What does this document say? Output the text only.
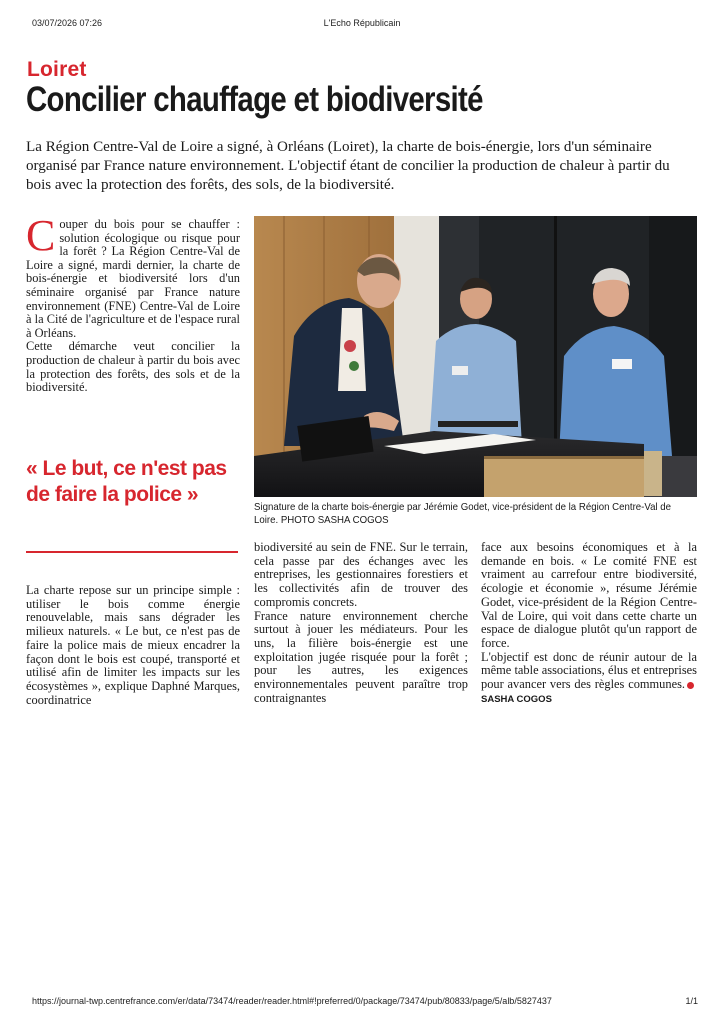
03/07/2026 07:26	L'Echo Républicain
Loiret
Concilier chauffage et biodiversité
La Région Centre-Val de Loire a signé, à Orléans (Loiret), la charte de bois-énergie, lors d'un séminaire organisé par France nature environnement. L'objectif étant de concilier la production de chaleur à partir du bois avec la protection des forêts, des sols, de la biodiversité.

Couper du bois pour se chauffer : solution écologique ou risque pour la forêt ? La Région Centre-Val de Loire a signé, mardi dernier, la charte de bois-énergie et biodiversité lors d'un séminaire organisé par France nature environnement (FNE) Centre-Val de Loire à la Cité de l'agriculture et de l'espace rural à Orléans.

Cette démarche veut concilier la production de chaleur à partir du bois avec la protection des forêts, des sols et de la biodiversité.

« Le but, ce n'est pas de faire la police »

La charte repose sur un principe simple : utiliser le bois comme énergie renouvelable, mais sans dégrader les milieux naturels. « Le but, ce n'est pas de faire la police mais de mieux encadrer la façon dont le bois est coupé, transporté et utilisé afin de limiter les impacts sur les écosystèmes », explique Daphné Marques, coordinatrice

Signature de la charte bois-énergie par Jérémie Godet, vice-président de la Région Centre-Val de Loire. PHOTO SASHA COGOS

biodiversité au sein de FNE. Sur le terrain, cela passe par des échanges avec les entreprises, les gestionnaires forestiers et les collectivités afin de trouver des compromis concrets.

France nature environnement cherche surtout à jouer les médiateurs. Pour les uns, la filière bois-énergie est une exploitation jugée risquée pour la forêt ; pour les autres, les exigences environnementales peuvent paraître trop contraignantes

face aux besoins économiques et à la demande en bois. « Le comité FNE est vraiment au carrefour entre biodiversité, écologie et économie », résume Jérémie Godet, vice-président de la Région Centre-Val de Loire, qui voit dans cette charte un espace de dialogue plutôt qu'un rapport de force.

L'objectif est donc de réunir autour de la même table associations, élus et entreprises pour avancer vers des règles communes.SASHA COGOS

https://journal-twp.centrefrance.com/er/data/73474/reader/reader.html#!preferred/0/package/73474/pub/80833/page/5/alb/5827437	1/1
